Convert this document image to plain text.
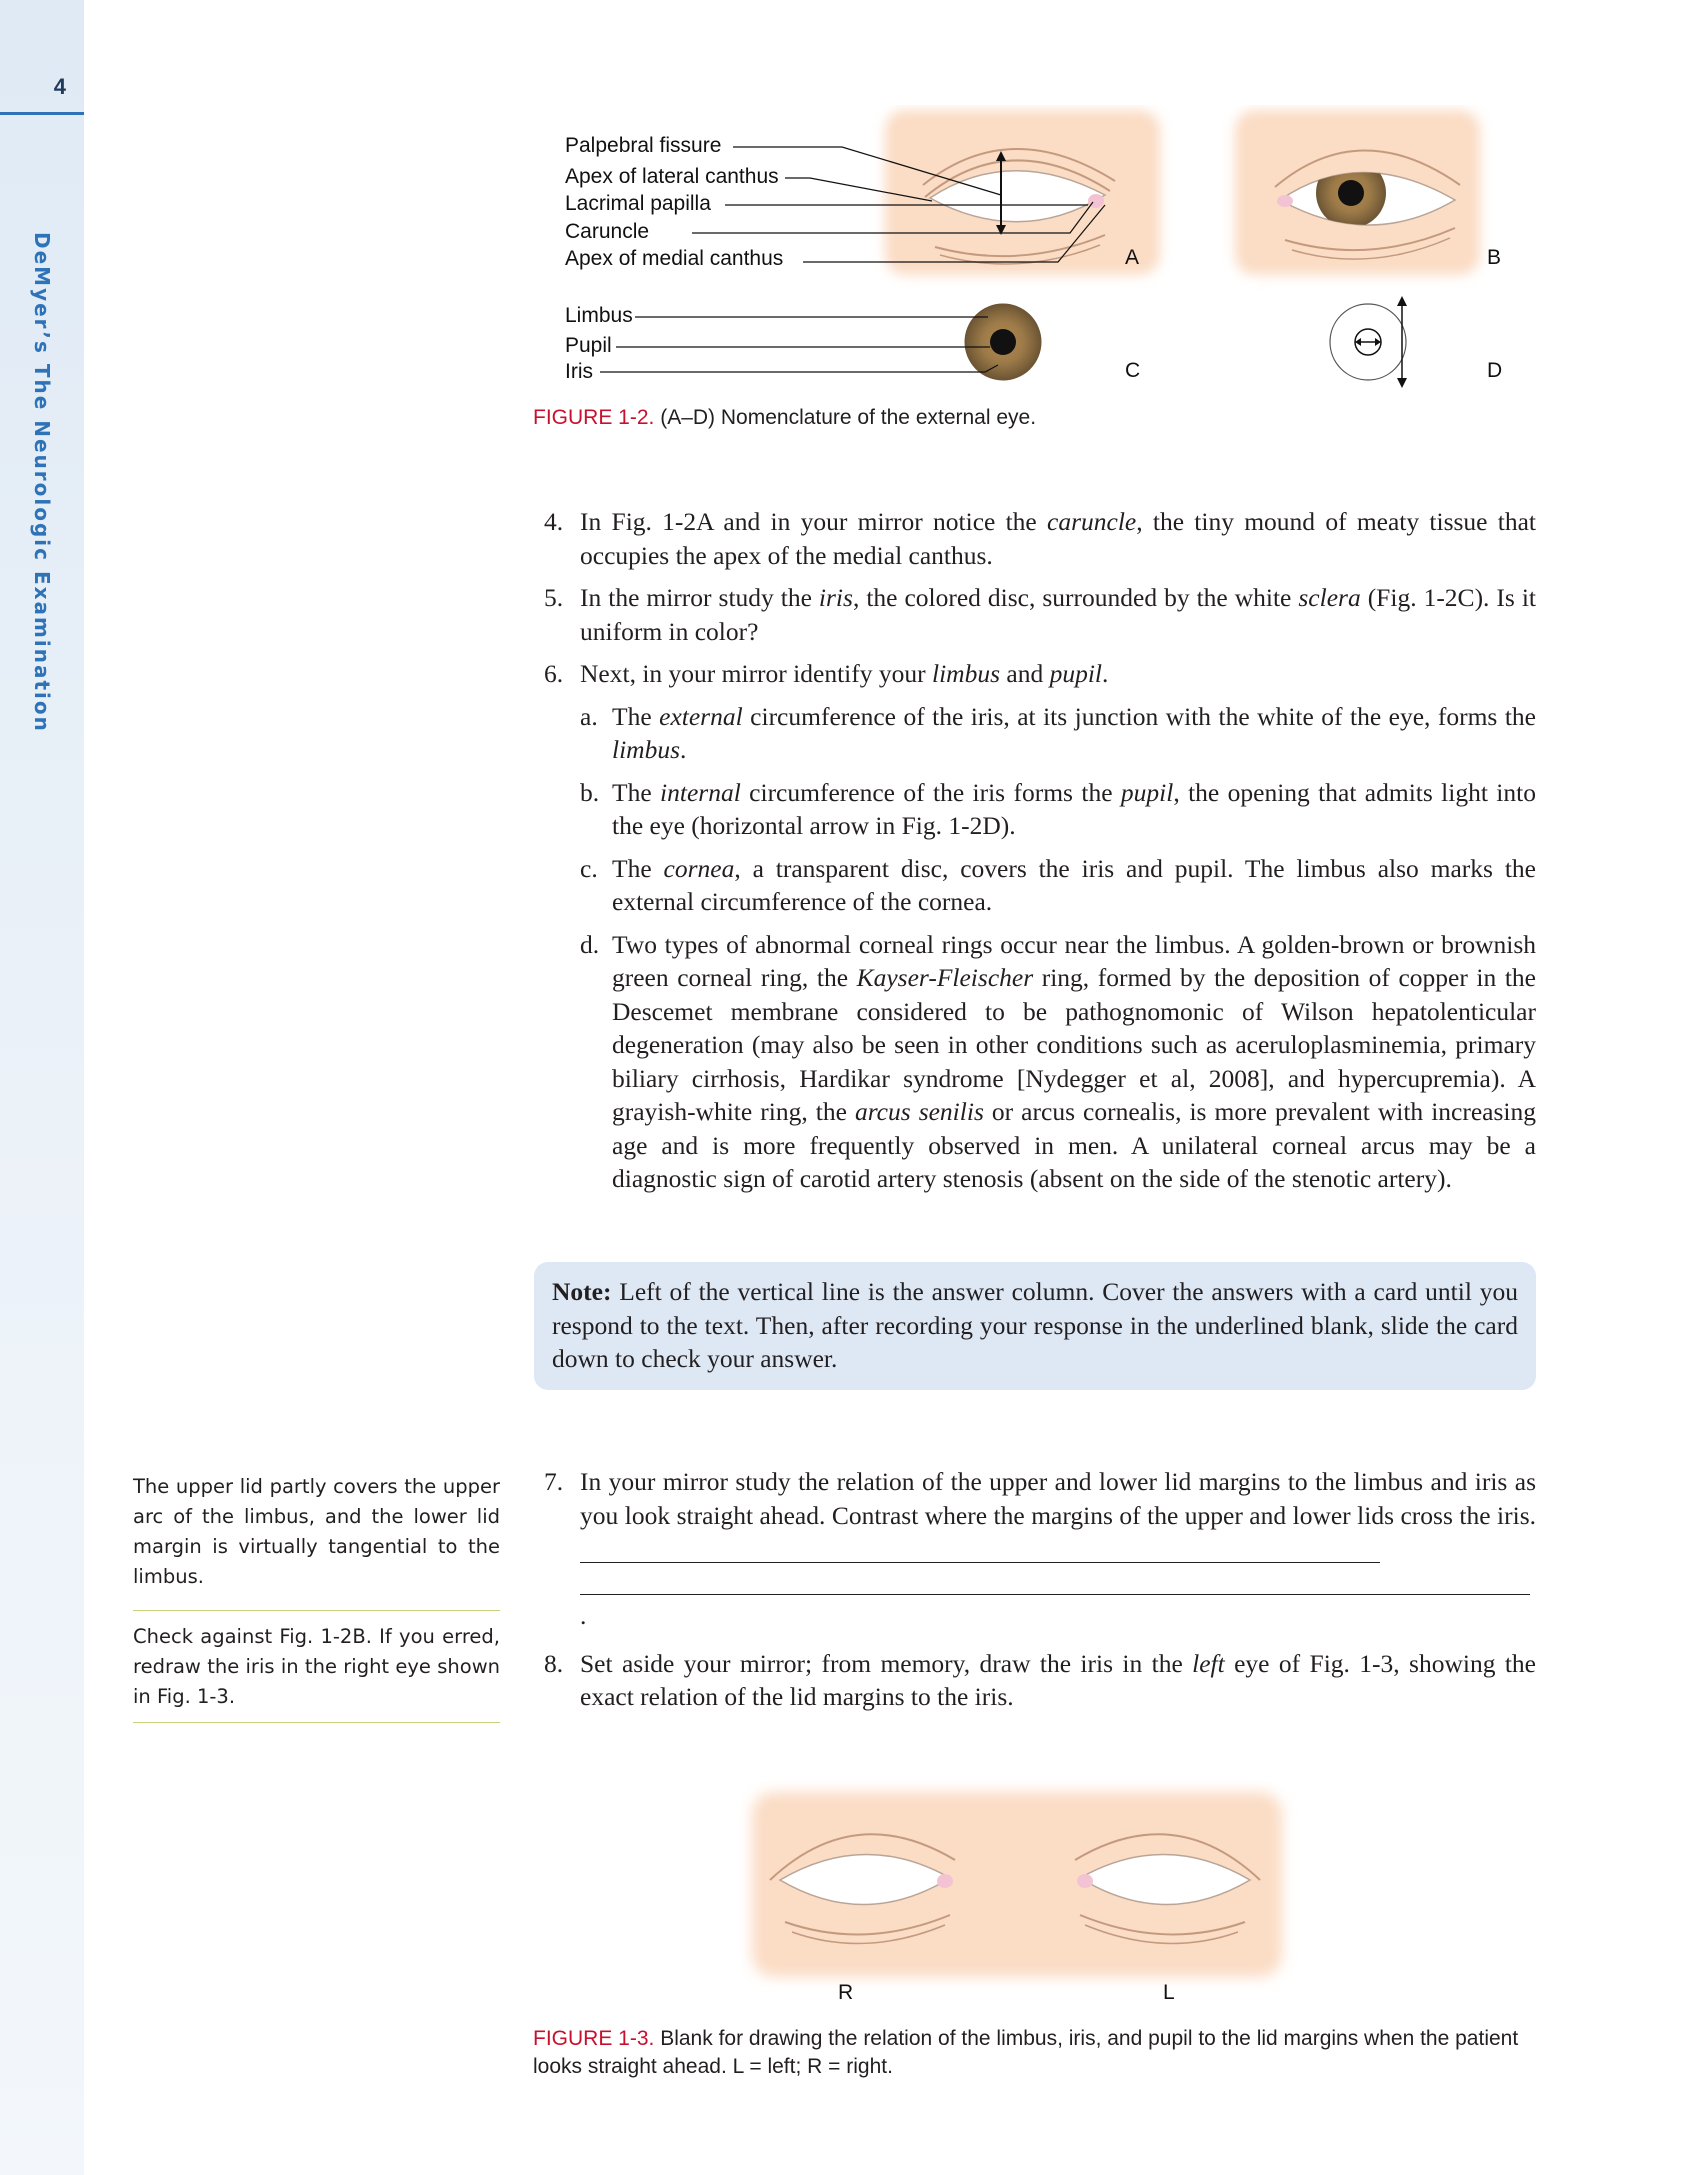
4
DeMyer’s The Neurologic Examination
Palpebral fissure
Apex of lateral canthus
Lacrimal papilla
Caruncle
Apex of medial canthus
Limbus
Pupil
Iris
A	B
C	D
FIGURE 1-2. (A–D) Nomenclature of the external eye.
4. In Fig. 1-2A and in your mirror notice the caruncle, the tiny mound of meaty tissue that occupies the apex of the medial canthus.
5. In the mirror study the iris, the colored disc, surrounded by the white sclera (Fig. 1-2C). Is it uniform in color?
6. Next, in your mirror identify your limbus and pupil.
a. The external circumference of the iris, at its junction with the white of the eye, forms the limbus.
b. The internal circumference of the iris forms the pupil, the opening that admits light into the eye (horizontal arrow in Fig. 1-2D).
c. The cornea, a transparent disc, covers the iris and pupil. The limbus also marks the external circumference of the cornea.
d. Two types of abnormal corneal rings occur near the limbus. A golden-brown or brownish green corneal ring, the Kayser-Fleischer ring, formed by the deposition of copper in the Descemet membrane considered to be pathognomonic of Wilson hepatolenticular degeneration (may also be seen in other conditions such as aceruloplasminemia, primary biliary cirrhosis, Hardikar syndrome [Nydegger et al, 2008], and hypercupremia). A grayish-white ring, the arcus senilis or arcus cornealis, is more prevalent with increasing age and is more frequently observed in men. A unilateral corneal arcus may be a diagnostic sign of carotid artery stenosis (absent on the side of the stenotic artery).
Note: Left of the vertical line is the answer column. Cover the answers with a card until you respond to the text. Then, after recording your response in the underlined blank, slide the card down to check your answer.
The upper lid partly covers the upper arc of the limbus, and the lower lid margin is virtually tangential to the limbus.
Check against Fig. 1-2B. If you erred, redraw the iris in the right eye shown in Fig. 1-3.
7. In your mirror study the relation of the upper and lower lid margins to the limbus and iris as you look straight ahead. Contrast where the margins of the upper and lower lids cross the iris.
.
8. Set aside your mirror; from memory, draw the iris in the left eye of Fig. 1-3, showing the exact relation of the lid margins to the iris.
R	L
FIGURE 1-3. Blank for drawing the relation of the limbus, iris, and pupil to the lid margins when the patient looks straight ahead. L = left; R = right.
